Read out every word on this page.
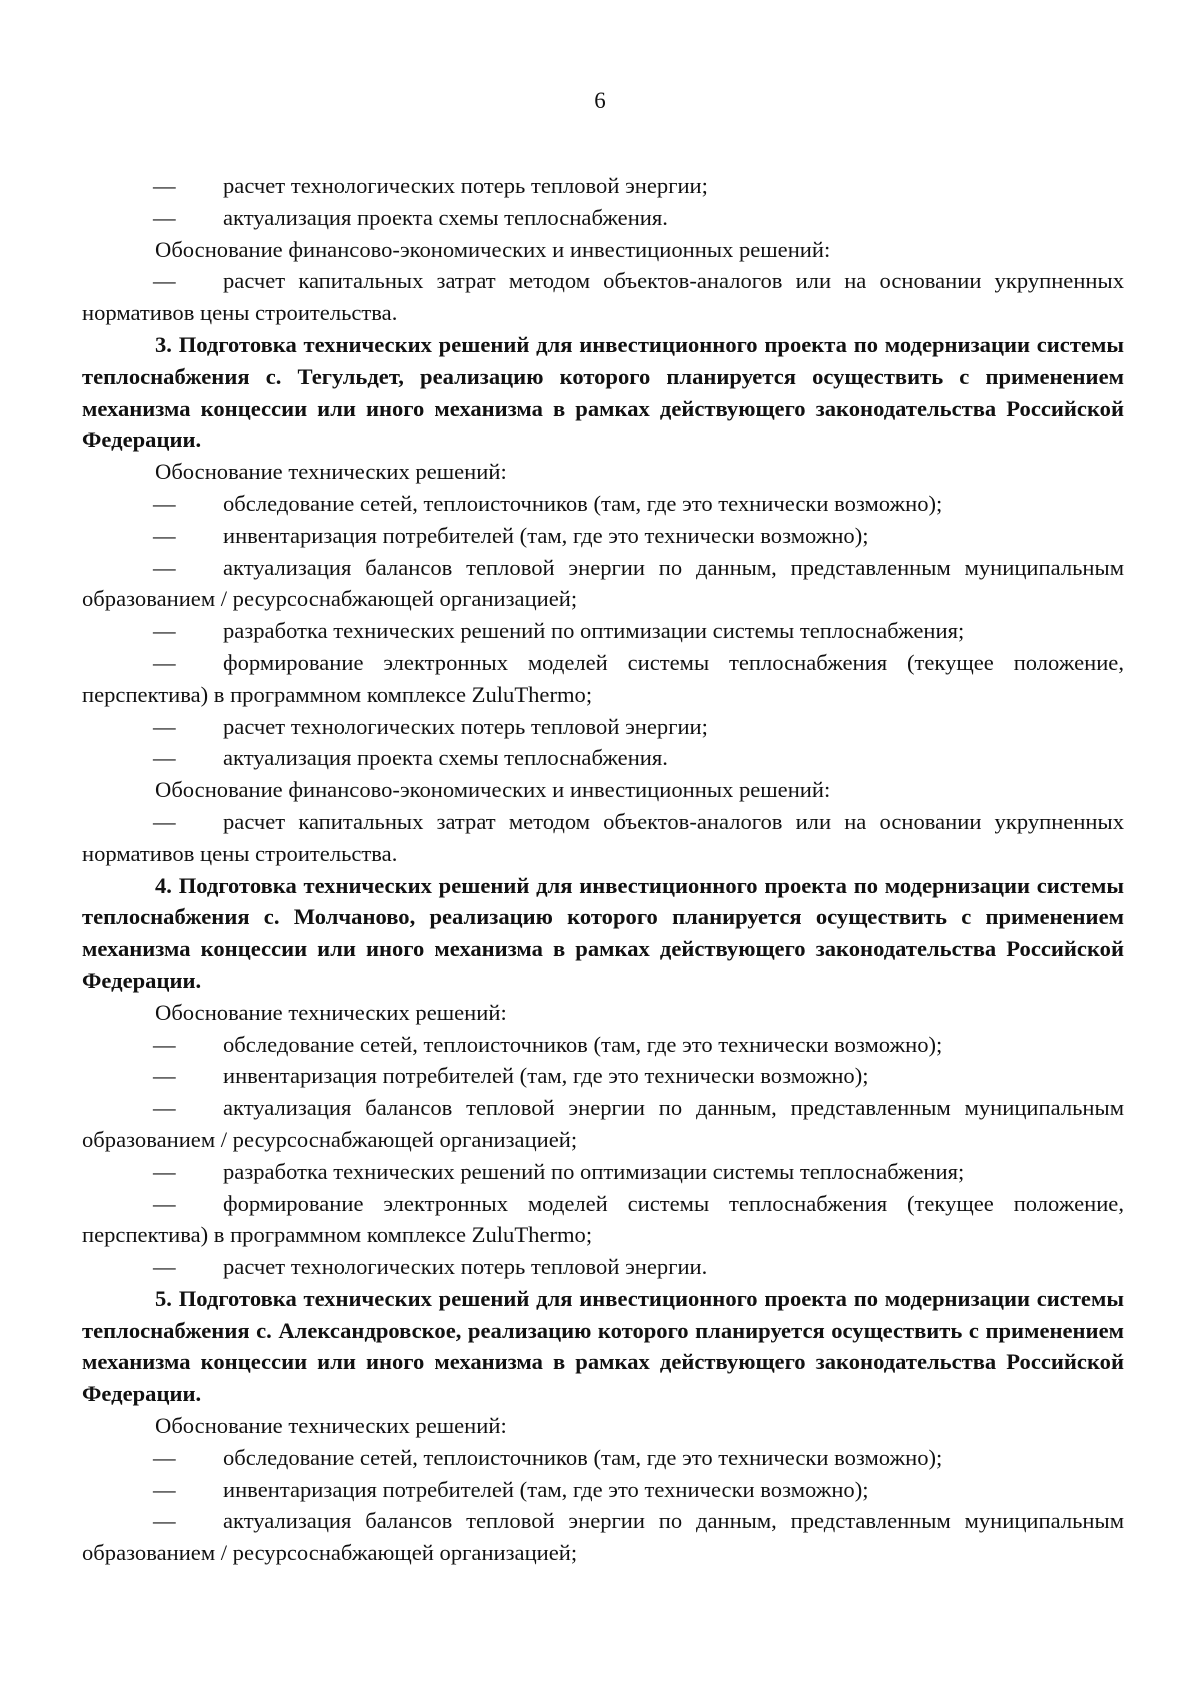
6

— расчет технологических потерь тепловой энергии;

— актуализация проекта схемы теплоснабжения.

Обоснование финансово-экономических и инвестиционных решений:

— расчет капитальных затрат методом объектов-аналогов или на основании укрупненных нормативов цены строительства.

3. Подготовка технических решений для инвестиционного проекта по модернизации системы теплоснабжения с. Тегульдет, реализацию которого планируется осуществить с применением механизма концессии или иного механизма в рамках действующего законодательства Российской Федерации.

Обоснование технических решений:

— обследование сетей, теплоисточников (там, где это технически возможно);

— инвентаризация потребителей (там, где это технически возможно);

— актуализация балансов тепловой энергии по данным, представленным муниципальным образованием / ресурсоснабжающей организацией;

— разработка технических решений по оптимизации системы теплоснабжения;

— формирование электронных моделей системы теплоснабжения (текущее положение, перспектива) в программном комплексе ZuluThermo;

— расчет технологических потерь тепловой энергии;

— актуализация проекта схемы теплоснабжения.

Обоснование финансово-экономических и инвестиционных решений:

— расчет капитальных затрат методом объектов-аналогов или на основании укрупненных нормативов цены строительства.

4. Подготовка технических решений для инвестиционного проекта по модернизации системы теплоснабжения с. Молчаново, реализацию которого планируется осуществить с применением механизма концессии или иного механизма в рамках действующего законодательства Российской Федерации.

Обоснование технических решений:

— обследование сетей, теплоисточников (там, где это технически возможно);

— инвентаризация потребителей (там, где это технически возможно);

— актуализация балансов тепловой энергии по данным, представленным муниципальным образованием / ресурсоснабжающей организацией;

— разработка технических решений по оптимизации системы теплоснабжения;

— формирование электронных моделей системы теплоснабжения (текущее положение, перспектива) в программном комплексе ZuluThermo;

— расчет технологических потерь тепловой энергии.

5. Подготовка технических решений для инвестиционного проекта по модернизации системы теплоснабжения с. Александровское, реализацию которого планируется осуществить с применением механизма концессии или иного механизма в рамках действующего законодательства Российской Федерации.

Обоснование технических решений:

— обследование сетей, теплоисточников (там, где это технически возможно);

— инвентаризация потребителей (там, где это технически возможно);

— актуализация балансов тепловой энергии по данным, представленным муниципальным образованием / ресурсоснабжающей организацией;
